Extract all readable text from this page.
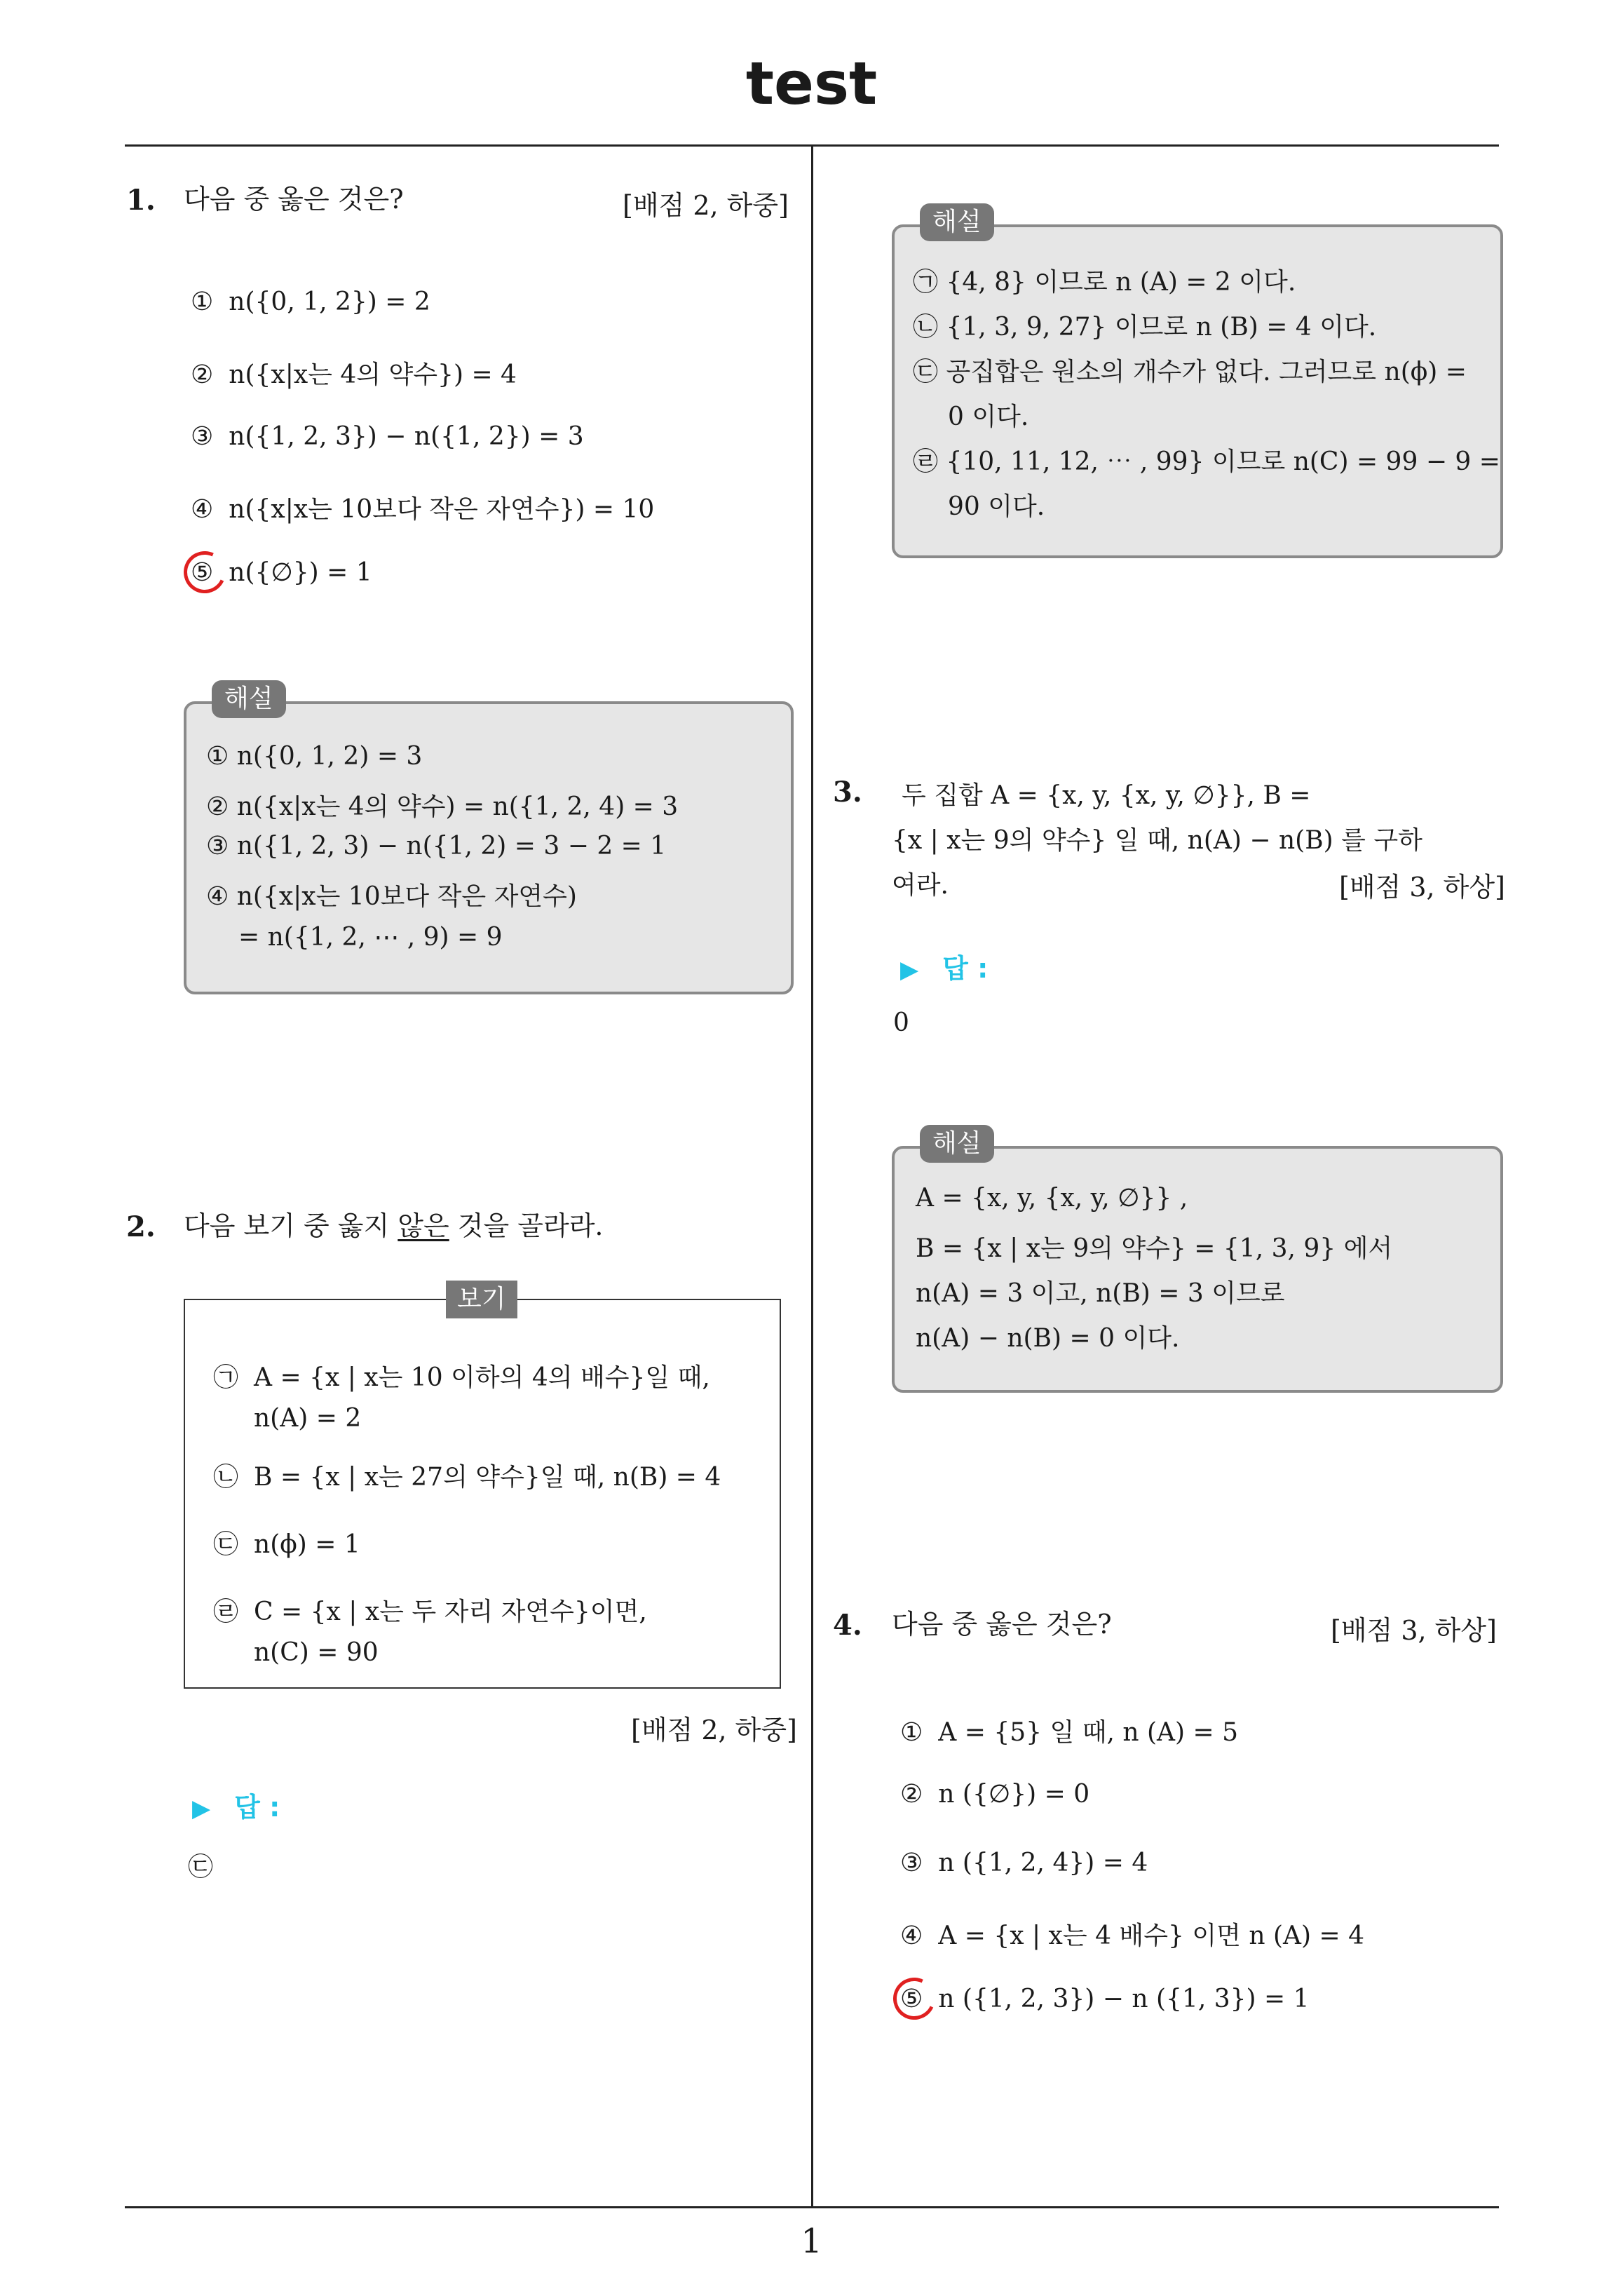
test
1
1. 다음 중 옳은 것은?	[배점 2, 하중]
① n({0, 1, 2}) = 2
② n({x|x는 4의 약수}) = 4
③ n({1, 2, 3}) − n({1, 2}) = 3
④ n({x|x는 10보다 작은 자연수}) = 10
⑤ n({∅}) = 1
해설
① n({0, 1, 2) = 3
② n({x|x는 4의 약수) = n({1, 2, 4) = 3
③ n({1, 2, 3) − n({1, 2) = 3 − 2 = 1
④ n({x|x는 10보다 작은 자연수)
= n({1, 2, ⋯ , 9) = 9
2. 다음 보기 중 옳지 않은 것을 골라라.
보기
㉠ A = {x | x는 10 이하의 4의 배수}일 때,
n(A) = 2
㉡ B = {x | x는 27의 약수}일 때, n(B) = 4
㉢ n(ϕ) = 1
㉣ C = {x | x는 두 자리 자연수}이면,
n(C) = 90
[배점 2, 하중]
▶ 답 :
㉢
해설
㉠ {4, 8} 이므로 n (A) = 2 이다.
㉡ {1, 3, 9, 27} 이므로 n (B) = 4 이다.
㉢ 공집합은 원소의 개수가 없다. 그러므로 n(ϕ) =
0 이다.
㉣ {10, 11, 12, ⋯ , 99} 이므로 n(C) = 99 − 9 =
90 이다.
3. 두 집합 A = {x, y, {x, y, ∅}}, B =
{x | x는 9의 약수} 일 때, n(A) − n(B) 를 구하
여라.	[배점 3, 하상]
▶ 답 :
0
해설
A = {x, y, {x, y, ∅}} ,
B = {x | x는 9의 약수} = {1, 3, 9} 에서
n(A) = 3 이고, n(B) = 3 이므로
n(A) − n(B) = 0 이다.
4. 다음 중 옳은 것은?	[배점 3, 하상]
① A = {5} 일 때, n (A) = 5
② n ({∅}) = 0
③ n ({1, 2, 4}) = 4
④ A = {x | x는 4 배수} 이면 n (A) = 4
⑤ n ({1, 2, 3}) − n ({1, 3}) = 1
